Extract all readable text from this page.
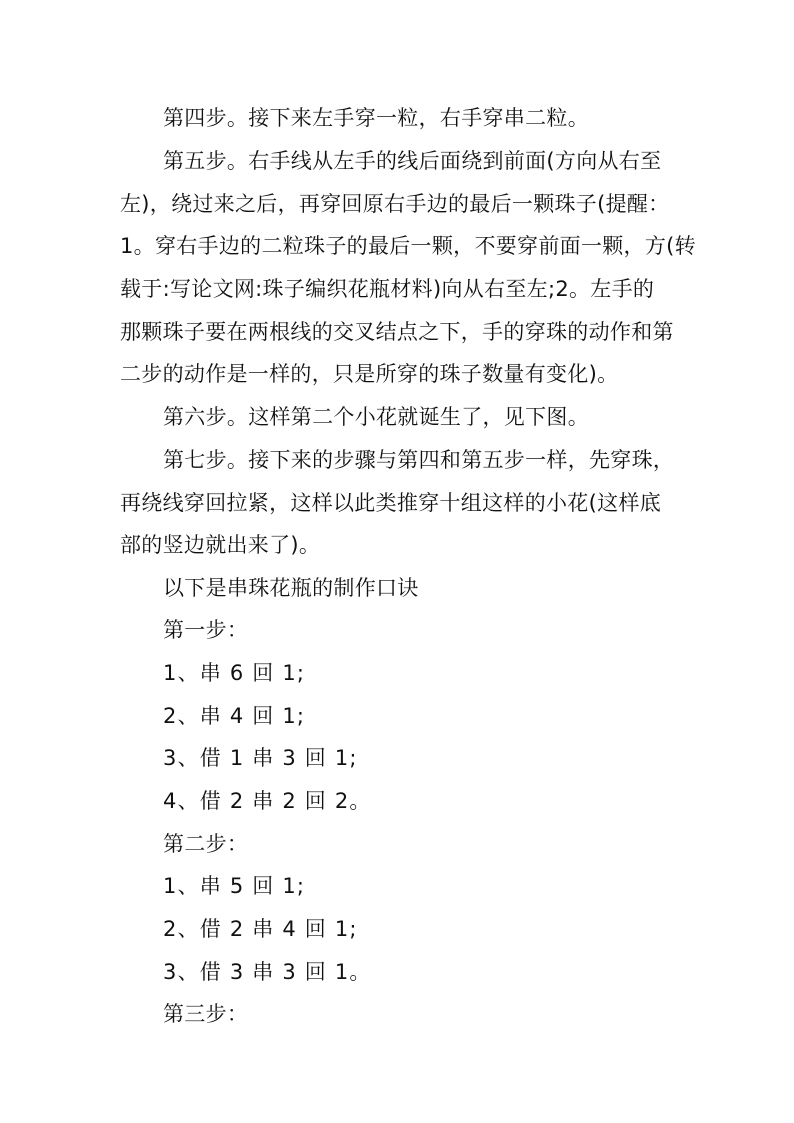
第四步。接下来左手穿一粒，右手穿串二粒。
第五步。右手线从左手的线后面绕到前面(方向从右至
左)，绕过来之后，再穿回原右手边的最后一颗珠子(提醒：
1。穿右手边的二粒珠子的最后一颗，不要穿前面一颗，方(转
载于:写论文网:珠子编织花瓶材料)向从右至左;2。左手的
那颗珠子要在两根线的交叉结点之下，手的穿珠的动作和第
二步的动作是一样的，只是所穿的珠子数量有变化)。
第六步。这样第二个小花就诞生了，见下图。
第七步。接下来的步骤与第四和第五步一样，先穿珠，
再绕线穿回拉紧，这样以此类推穿十组这样的小花(这样底
部的竖边就出来了)。
以下是串珠花瓶的制作口诀
第一步：
1、串 6 回 1;
2、串 4 回 1;
3、借 1 串 3 回 1;
4、借 2 串 2 回 2。
第二步：
1、串 5 回 1;
2、借 2 串 4 回 1;
3、借 3 串 3 回 1。
第三步：
